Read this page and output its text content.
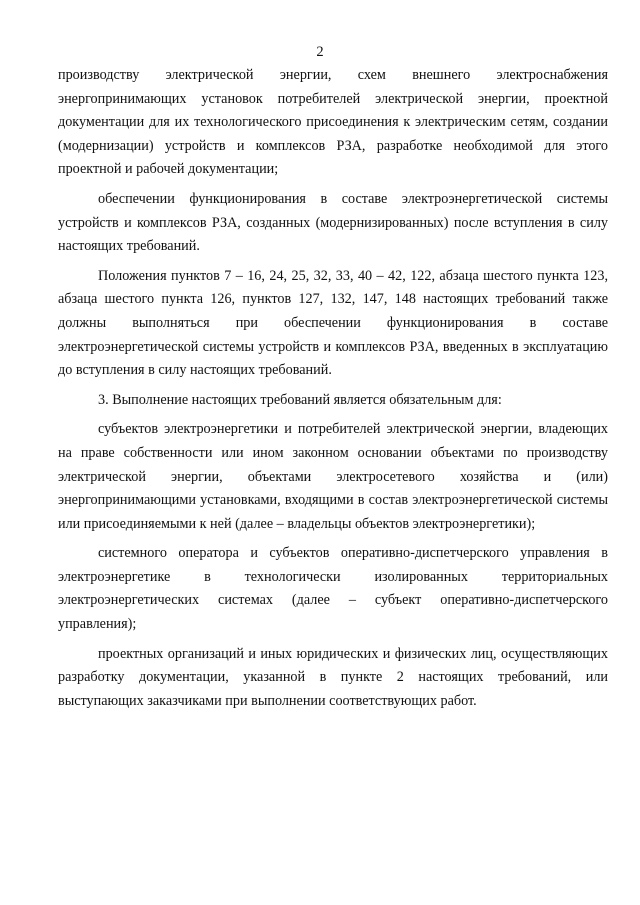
2

производству электрической энергии, схем внешнего электроснабжения энергопринимающих установок потребителей электрической энергии, проектной документации для их технологического присоединения к электрическим сетям, создании (модернизации) устройств и комплексов РЗА, разработке необходимой для этого проектной и рабочей документации;

обеспечении функционирования в составе электроэнергетической системы устройств и комплексов РЗА, созданных (модернизированных) после вступления в силу настоящих требований.

Положения пунктов 7 – 16, 24, 25, 32, 33, 40 – 42, 122, абзаца шестого пункта 123, абзаца шестого пункта 126, пунктов 127, 132, 147, 148 настоящих требований также должны выполняться при обеспечении функционирования в составе электроэнергетической системы устройств и комплексов РЗА, введенных в эксплуатацию до вступления в силу настоящих требований.

3. Выполнение настоящих требований является обязательным для:

субъектов электроэнергетики и потребителей электрической энергии, владеющих на праве собственности или ином законном основании объектами по производству электрической энергии, объектами электросетевого хозяйства и (или) энергопринимающими установками, входящими в состав электроэнергетической системы или присоединяемыми к ней (далее – владельцы объектов электроэнергетики);

системного оператора и субъектов оперативно-диспетчерского управления в электроэнергетике в технологически изолированных территориальных электроэнергетических системах (далее – субъект оперативно-диспетчерского управления);

проектных организаций и иных юридических и физических лиц, осуществляющих разработку документации, указанной в пункте 2 настоящих требований, или выступающих заказчиками при выполнении соответствующих работ.
